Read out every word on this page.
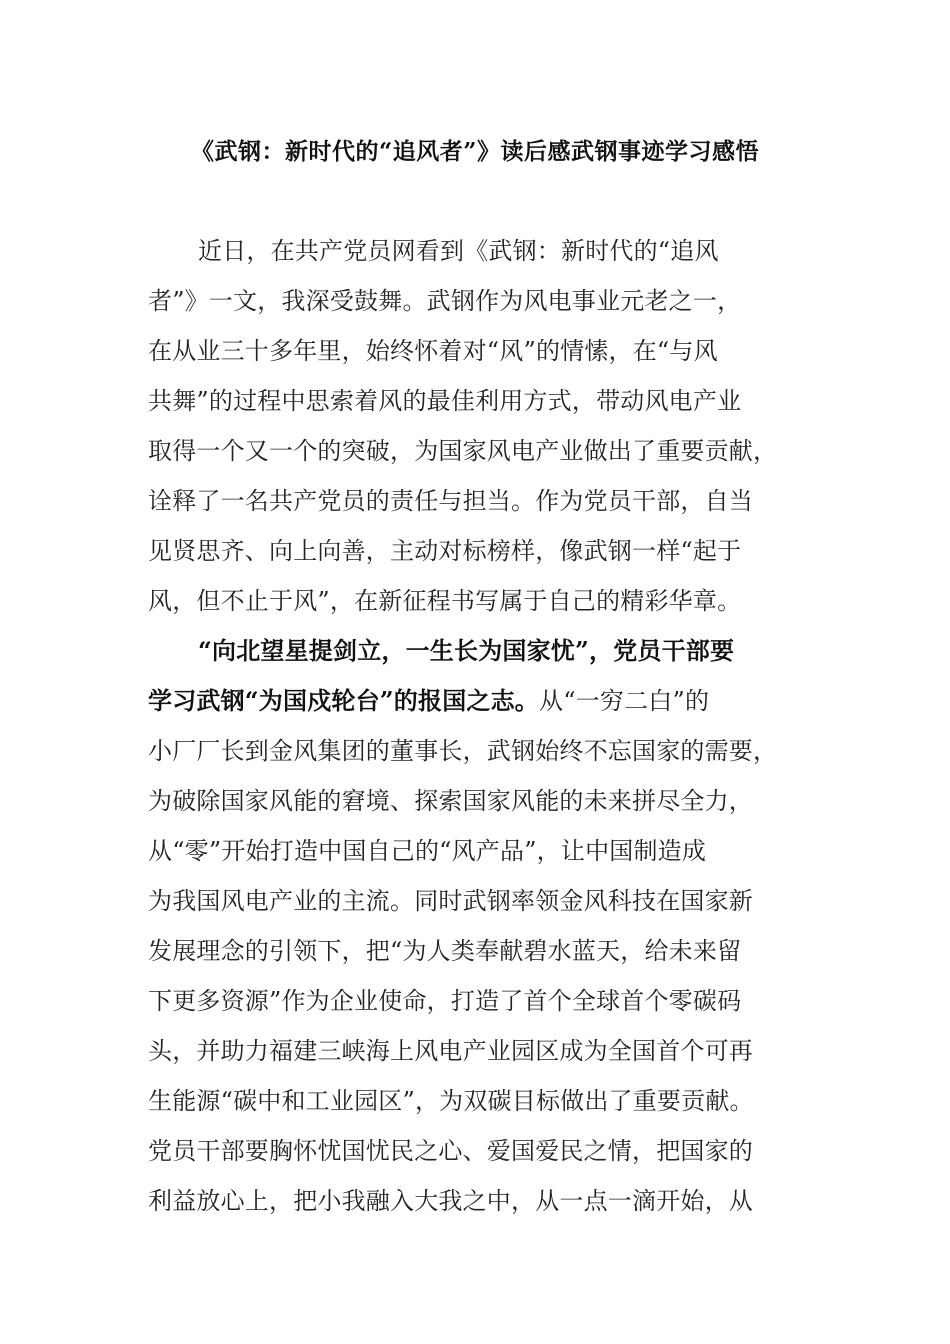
《武钢：新时代的“追风者”》读后感武钢事迹学习感悟
近日，在共产党员网看到《武钢：新时代的“追风
者”》一文，我深受鼓舞。武钢作为风电事业元老之一，
在从业三十多年里，始终怀着对“风”的情愫，在“与风
共舞”的过程中思索着风的最佳利用方式，带动风电产业
取得一个又一个的突破，为国家风电产业做出了重要贡献，
诠释了一名共产党员的责任与担当。作为党员干部，自当
见贤思齐、向上向善，主动对标榜样，像武钢一样“起于
风，但不止于风”，在新征程书写属于自己的精彩华章。
“向北望星提剑立，一生长为国家忧”，党员干部要
学习武钢“为国戍轮台”的报国之志。从“一穷二白”的
小厂厂长到金风集团的董事长，武钢始终不忘国家的需要，
为破除国家风能的窘境、探索国家风能的未来拼尽全力，
从“零”开始打造中国自己的“风产品”，让中国制造成
为我国风电产业的主流。同时武钢率领金风科技在国家新
发展理念的引领下，把“为人类奉献碧水蓝天，给未来留
下更多资源”作为企业使命，打造了首个全球首个零碳码
头，并助力福建三峡海上风电产业园区成为全国首个可再
生能源“碳中和工业园区”，为双碳目标做出了重要贡献。
党员干部要胸怀忧国忧民之心、爱国爱民之情，把国家的
利益放心上，把小我融入大我之中，从一点一滴开始，从
